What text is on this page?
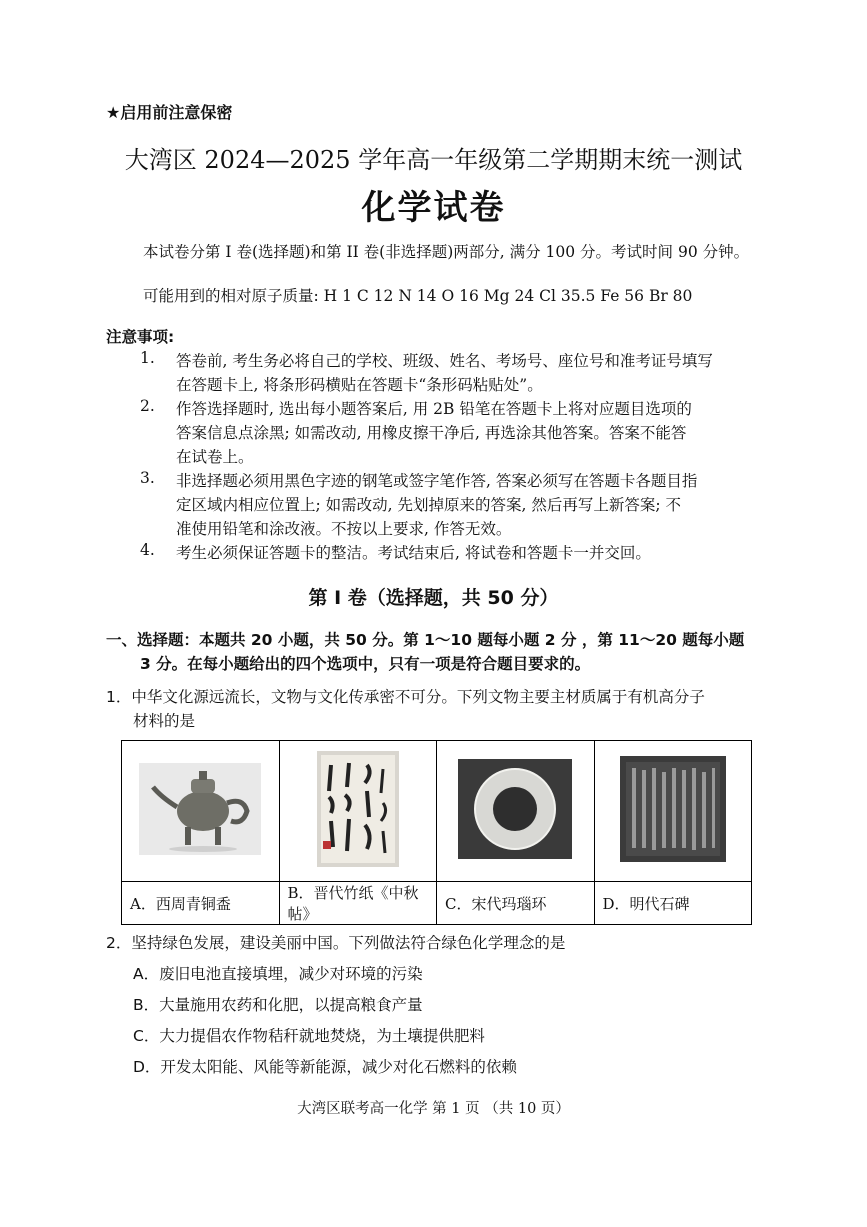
★启用前注意保密
大湾区 2024—2025 学年高一年级第二学期期末统一测试
化学试卷
本试卷分第 I 卷(选择题)和第 II 卷(非选择题)两部分, 满分 100 分。考试时间 90 分钟。
可能用到的相对原子质量: H 1 C 12 N 14 O 16 Mg 24 Cl 35.5 Fe 56 Br 80
注意事项:
1. 答卷前, 考生务必将自己的学校、班级、姓名、考场号、座位号和准考证号填写
在答题卡上, 将条形码横贴在答题卡“条形码粘贴处”。
2. 作答选择题时, 选出每小题答案后, 用 2B 铅笔在答题卡上将对应题目选项的
答案信息点涂黑; 如需改动, 用橡皮擦干净后, 再选涂其他答案。答案不能答
在试卷上。
3. 非选择题必须用黑色字迹的钢笔或签字笔作答, 答案必须写在答题卡各题目指
定区域内相应位置上; 如需改动, 先划掉原来的答案, 然后再写上新答案; 不
准使用铅笔和涂改液。不按以上要求, 作答无效。
4. 考生必须保证答题卡的整洁。考试结束后, 将试卷和答题卡一并交回。
第 I 卷（选择题，共 50 分）
一、选择题：本题共 20 小题，共 50 分。第 1～10 题每小题 2 分 ，第 11～20 题每小题
3 分。在每小题给出的四个选项中，只有一项是符合题目要求的。
1．中华文化源远流长，文物与文化传承密不可分。下列文物主要主材质属于有机高分子
材料的是

A．西周青铜盉	B．晋代竹纸《中秋帖》	C．宋代玛瑙环	D．明代石碑
2．坚持绿色发展，建设美丽中国。下列做法符合绿色化学理念的是
A．废旧电池直接填埋，减少对环境的污染
B．大量施用农药和化肥，以提高粮食产量
C．大力提倡农作物秸秆就地焚烧，为土壤提供肥料
D．开发太阳能、风能等新能源，减少对化石燃料的依赖
大湾区联考高一化学 第 1 页 （共 10 页）
